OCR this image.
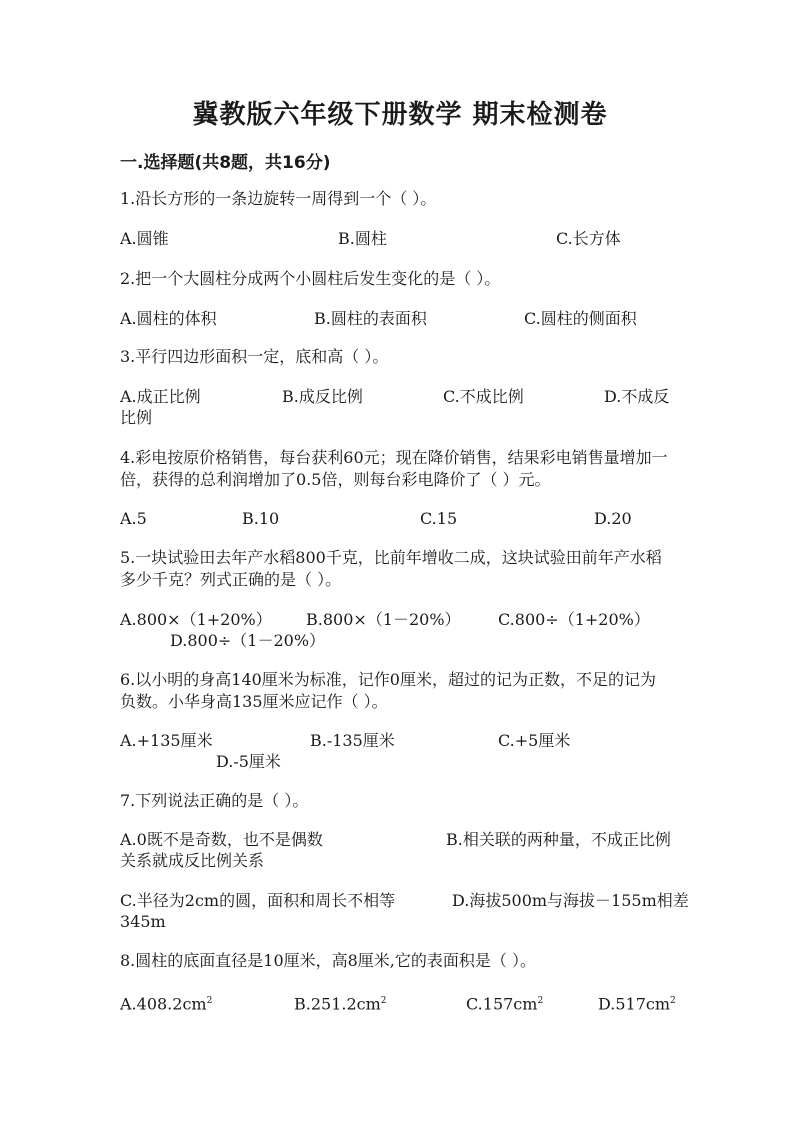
冀教版六年级下册数学 期末检测卷
一.选择题(共8题，共16分)
1.沿长方形的一条边旋转一周得到一个（ ）。
A.圆锥	B.圆柱	C.长方体
2.把一个大圆柱分成两个小圆柱后发生变化的是（ ）。
A.圆柱的体积	B.圆柱的表面积	C.圆柱的侧面积
3.平行四边形面积一定，底和高（ ）。
A.成正比例	B.成反比例	C.不成比例	D.不成反
比例
4.彩电按原价格销售，每台获利60元；现在降价销售，结果彩电销售量增加一
倍，获得的总利润增加了0.5倍，则每台彩电降价了（ ）元。
A.5	B.10	C.15	D.20
5.一块试验田去年产水稻800千克，比前年增收二成，这块试验田前年产水稻
多少千克？列式正确的是（ ）。
A.800×（1+20%） B.800×（1－20%） C.800÷（1+20%）
D.800÷（1－20%）
6.以小明的身高140厘米为标准，记作0厘米，超过的记为正数，不足的记为
负数。小华身高135厘米应记作（ ）。
A.+135厘米	B.-135厘米	C.+5厘米
D.-5厘米
7.下列说法正确的是（ ）。
A.0既不是奇数，也不是偶数	B.相关联的两种量，不成正比例
关系就成反比例关系
C.半径为2cm的圆，面积和周长不相等	D.海拔500m与海拔－155m相差
345m
8.圆柱的底面直径是10厘米，高8厘米,它的表面积是（ ）。
$A.408.2cm^2$	$B.251.2cm^2$	$C.157cm^2$	$D.517cm^2$
